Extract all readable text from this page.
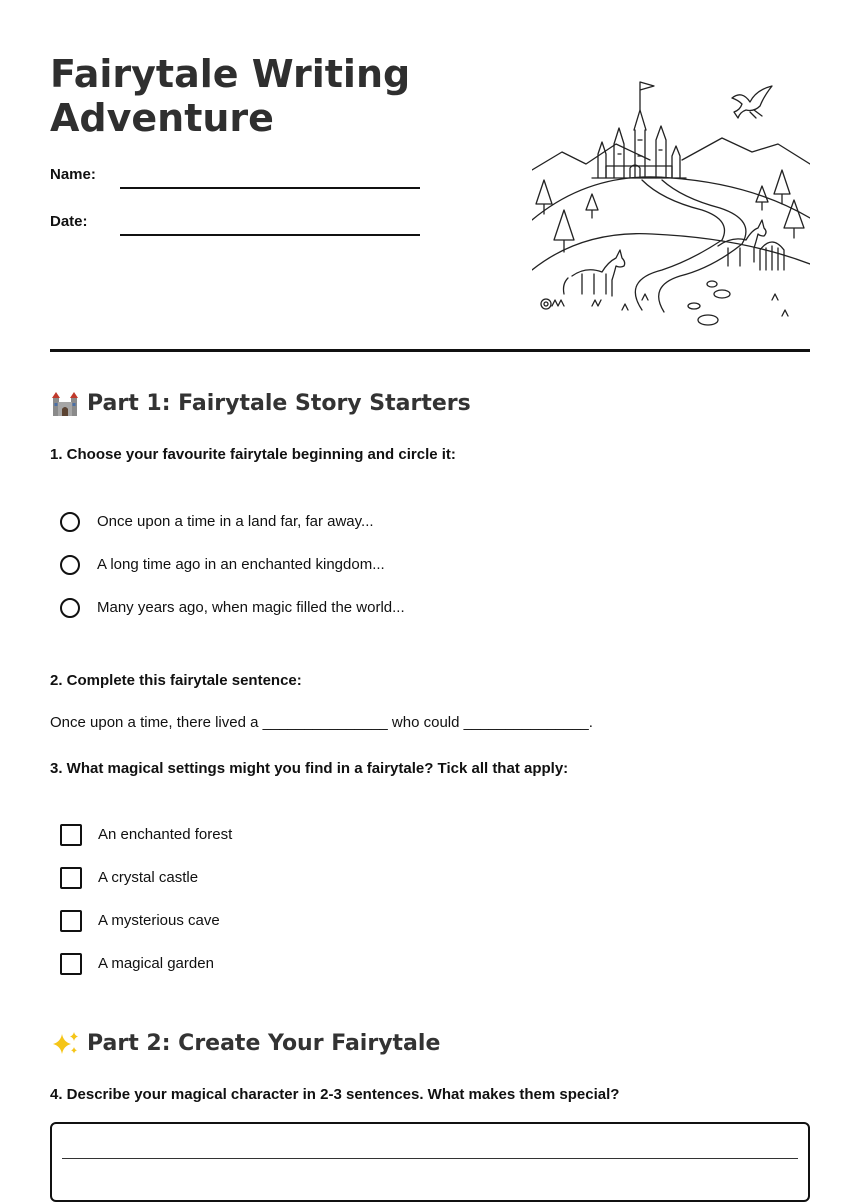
Fairytale Writing Adventure
Name:
Date:
Part 1: Fairytale Story Starters
1. Choose your favourite fairytale beginning and circle it:
Once upon a time in a land far, far away...
A long time ago in an enchanted kingdom...
Many years ago, when magic filled the world...
2. Complete this fairytale sentence:
Once upon a time, there lived a _______________ who could _______________.
3. What magical settings might you find in a fairytale? Tick all that apply:
An enchanted forest
A crystal castle
A mysterious cave
A magical garden
Part 2: Create Your Fairytale
4. Describe your magical character in 2-3 sentences. What makes them special?
